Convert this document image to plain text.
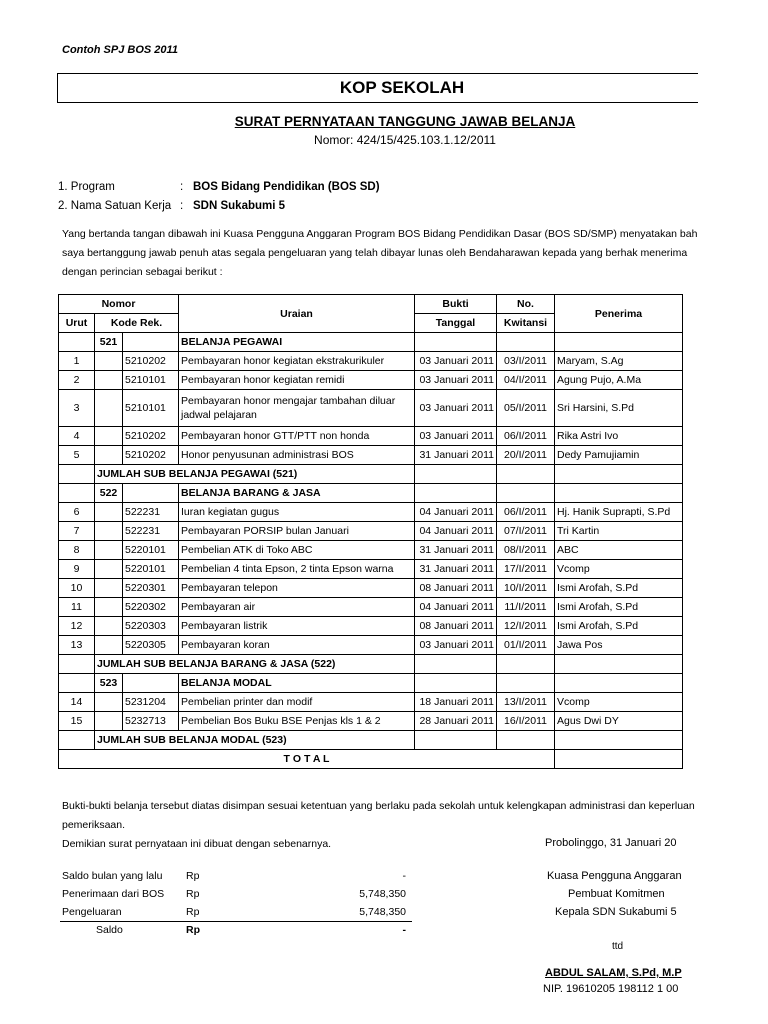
Contoh SPJ BOS 2011
KOP SEKOLAH
SURAT PERNYATAAN TANGGUNG JAWAB BELANJA
Nomor: 424/15/425.103.1.12/2011
1. Program	: BOS Bidang Pendidikan (BOS SD)
2. Nama Satuan Kerja : SDN Sukabumi 5
Yang bertanda tangan dibawah ini Kuasa Pengguna Anggaran Program BOS Bidang Pendidikan Dasar (BOS SD/SMP) menyatakan bah
saya bertanggung jawab penuh atas segala pengeluaran yang telah dibayar lunas oleh Bendaharawan kepada yang berhak menerima
dengan perincian sebagai berikut :
Nomor			Uraian	Bukti	No.	Penerima
Urut	Kode Rek.			Tanggal	Kwitansi	
	521		BELANJA PEGAWAI			
1		5210202	Pembayaran honor kegiatan ekstrakurikuler	03 Januari 2011	03/I/2011	Maryam, S.Ag
2		5210101	Pembayaran honor kegiatan remidi	03 Januari 2011	04/I/2011	Agung Pujo, A.Ma
3		5210101	Pembayaran honor mengajar tambahan diluar jadwal pelajaran	03 Januari 2011	05/I/2011	Sri Harsini, S.Pd
4		5210202	Pembayaran honor GTT/PTT non honda	03 Januari 2011	06/I/2011	Rika Astri Ivo
5		5210202	Honor penyusunan administrasi BOS	31 Januari 2011	20/I/2011	Dedy Pamujiamin
	JUMLAH SUB BELANJA PEGAWAI (521)					
	522		BELANJA BARANG & JASA			
6		522231	Iuran kegiatan gugus	04 Januari 2011	06/I/2011	Hj. Hanik Suprapti, S.Pd
7		522231	Pembayaran PORSIP bulan Januari	04 Januari 2011	07/I/2011	Tri Kartin
8		5220101	Pembelian ATK di Toko ABC	31 Januari 2011	08/I/2011	ABC
9		5220101	Pembelian 4 tinta Epson, 2 tinta Epson warna	31 Januari 2011	17/I/2011	Vcomp
10		5220301	Pembayaran telepon	08 Januari 2011	10/I/2011	Ismi Arofah, S.Pd
11		5220302	Pembayaran air	04 Januari 2011	11/I/2011	Ismi Arofah, S.Pd
12		5220303	Pembayaran listrik	08 Januari 2011	12/I/2011	Ismi Arofah, S.Pd
13		5220305	Pembayaran koran	03 Januari 2011	01/I/2011	Jawa Pos
	JUMLAH SUB BELANJA BARANG & JASA (522)					
	523		BELANJA MODAL			
14		5231204	Pembelian printer dan modif	18 Januari 2011	13/I/2011	Vcomp
15		5232713	Pembelian Bos Buku BSE Penjas kls 1 & 2	28 Januari 2011	16/I/2011	Agus Dwi DY
	JUMLAH SUB BELANJA MODAL (523)					
T O T A L						
Bukti-bukti belanja tersebut diatas disimpan sesuai ketentuan yang berlaku pada sekolah untuk kelengkapan administrasi dan keperluan
pemeriksaan.
Demikian surat pernyataan ini dibuat dengan sebenarnya.	Probolinggo, 31 Januari 20
Saldo bulan yang lalu Rp	-
Penerimaan dari BOS Rp	5,748,350
Pengeluaran	Rp	5,748,350
Saldo	Rp	-
Kuasa Pengguna Anggaran
Pembuat Komitmen
Kepala SDN Sukabumi 5
ttd
ABDUL SALAM, S.Pd, M.P
NIP. 19610205 198112 1 00
